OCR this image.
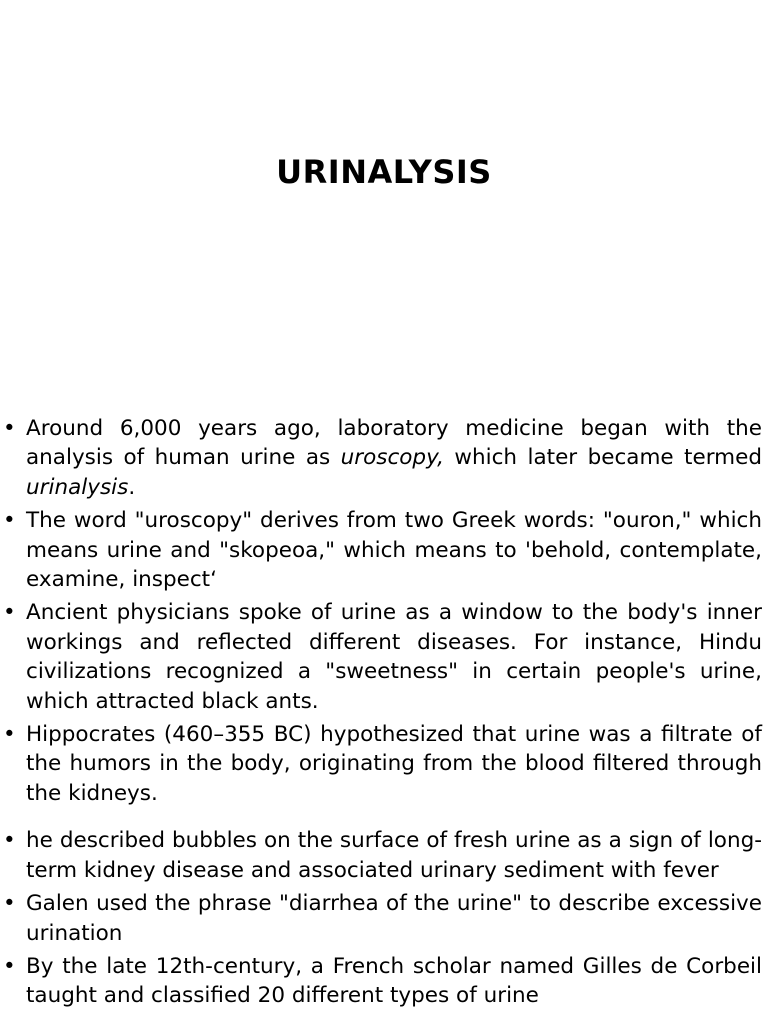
URINALYSIS
• Around 6,000 years ago, laboratory medicine began with the analysis of human urine as uroscopy, which later became termed urinalysis.
• The word "uroscopy" derives from two Greek words: "ouron," which means urine and "skopeoa," which means to 'behold, contemplate, examine, inspect‘
• Ancient physicians spoke of urine as a window to the body's inner workings and reflected different diseases. For instance, Hindu civilizations recognized a "sweetness" in certain people's urine, which attracted black ants.
• Hippocrates (460–355 BC) hypothesized that urine was a filtrate of the humors in the body, originating from the blood filtered through the kidneys.
• he described bubbles on the surface of fresh urine as a sign of long-term kidney disease and associated urinary sediment with fever
• Galen used the phrase "diarrhea of the urine" to describe excessive urination
• By the late 12th-century, a French scholar named Gilles de Corbeil taught and classified 20 different types of urine
